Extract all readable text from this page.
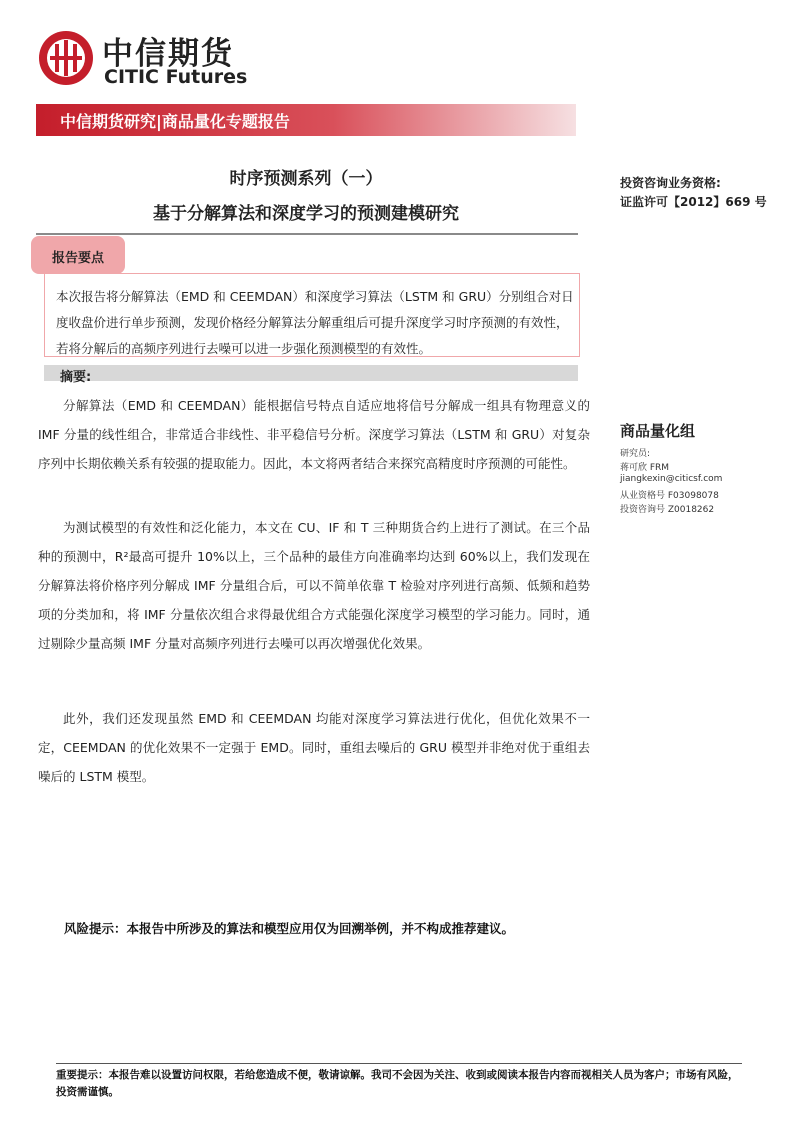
中信期货
CITIC Futures
中信期货研究|商品量化专题报告
时序预测系列（一）
基于分解算法和深度学习的预测建模研究
投资咨询业务资格:
证监许可【2012】669 号
商品量化组
研究员:
蒋可欣 FRM
jiangkexin@citicsf.com
从业资格号 F03098078
投资咨询号 Z0018262
报告要点
本次报告将分解算法（EMD 和 CEEMDAN）和深度学习算法（LSTM 和 GRU）分别组合对日度收盘价进行单步预测，发现价格经分解算法分解重组后可提升深度学习时序预测的有效性，若将分解后的高频序列进行去噪可以进一步强化预测模型的有效性。
摘要:

分解算法（EMD 和 CEEMDAN）能根据信号特点自适应地将信号分解成一组具有物理意义的 IMF 分量的线性组合，非常适合非线性、非平稳信号分析。深度学习算法（LSTM 和 GRU）对复杂序列中长期依赖关系有较强的提取能力。因此，本文将两者结合来探究高精度时序预测的可能性。

为测试模型的有效性和泛化能力，本文在 CU、IF 和 T 三种期货合约上进行了测试。在三个品种的预测中，R²最高可提升 10%以上，三个品种的最佳方向准确率均达到 60%以上，我们发现在分解算法将价格序列分解成 IMF 分量组合后，可以不简单依靠 T 检验对序列进行高频、低频和趋势项的分类加和，将 IMF 分量依次组合求得最优组合方式能强化深度学习模型的学习能力。同时，通过剔除少量高频 IMF 分量对高频序列进行去噪可以再次增强优化效果。

此外，我们还发现虽然 EMD 和 CEEMDAN 均能对深度学习算法进行优化，但优化效果不一定，CEEMDAN 的优化效果不一定强于 EMD。同时，重组去噪后的 GRU 模型并非绝对优于重组去噪后的 LSTM 模型。

风险提示：本报告中所涉及的算法和模型应用仅为回溯举例，并不构成推荐建议。
重要提示：本报告难以设置访问权限，若给您造成不便，敬请谅解。我司不会因为关注、收到或阅读本报告内容而视相关人员为客户；市场有风险，投资需谨慎。
